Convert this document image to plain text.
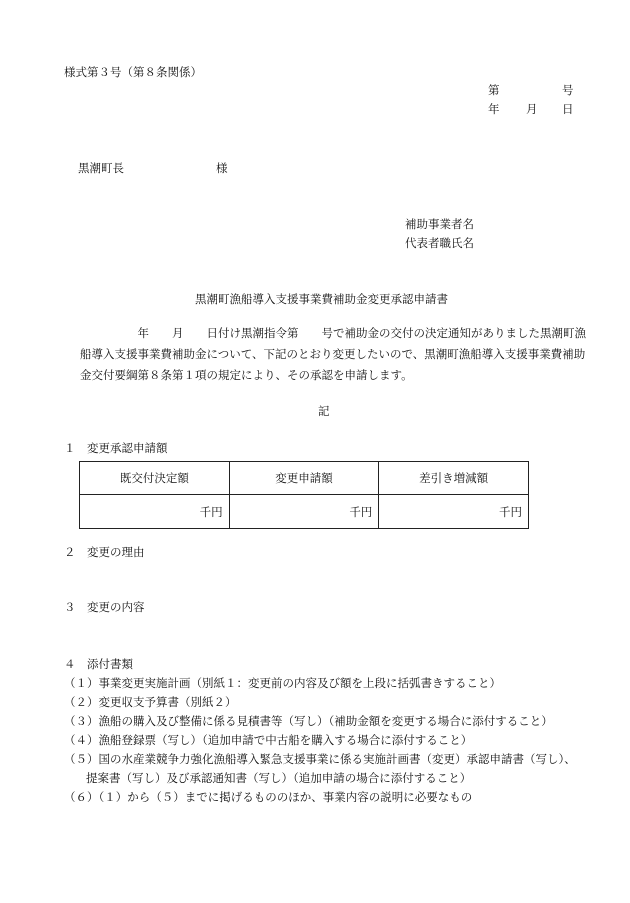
様式第３号（第８条関係）
第	号
年 月 日
黒潮町長	様
補助事業者名
代表者職氏名
黒潮町漁船導入支援事業費補助金変更承認申請書
　　　　　年　　月　　日付け黒潮指令第　　号で補助金の交付の決定通知がありました黒潮町漁
船導入支援事業費補助金について、下記のとおり変更したいので、黒潮町漁船導入支援事業費補助
金交付要綱第８条第１項の規定により、その承認を申請します。
記
１　変更承認申請額
既交付決定額	変更申請額	差引き増減額
千円	千円	千円
２　変更の理由
３　変更の内容
４　添付書類
（１）事業変更実施計画（別紙１：変更前の内容及び額を上段に括弧書きすること）
（２）変更収支予算書（別紙２）
（３）漁船の購入及び整備に係る見積書等（写し）（補助金額を変更する場合に添付すること）
（４）漁船登録票（写し）（追加申請で中古船を購入する場合に添付すること）
（５）国の水産業競争力強化漁船導入緊急支援事業に係る実施計画書（変更）承認申請書（写し）、
提案書（写し）及び承認通知書（写し）（追加申請の場合に添付すること）
（６）（１）から（５）までに掲げるもののほか、事業内容の説明に必要なもの
